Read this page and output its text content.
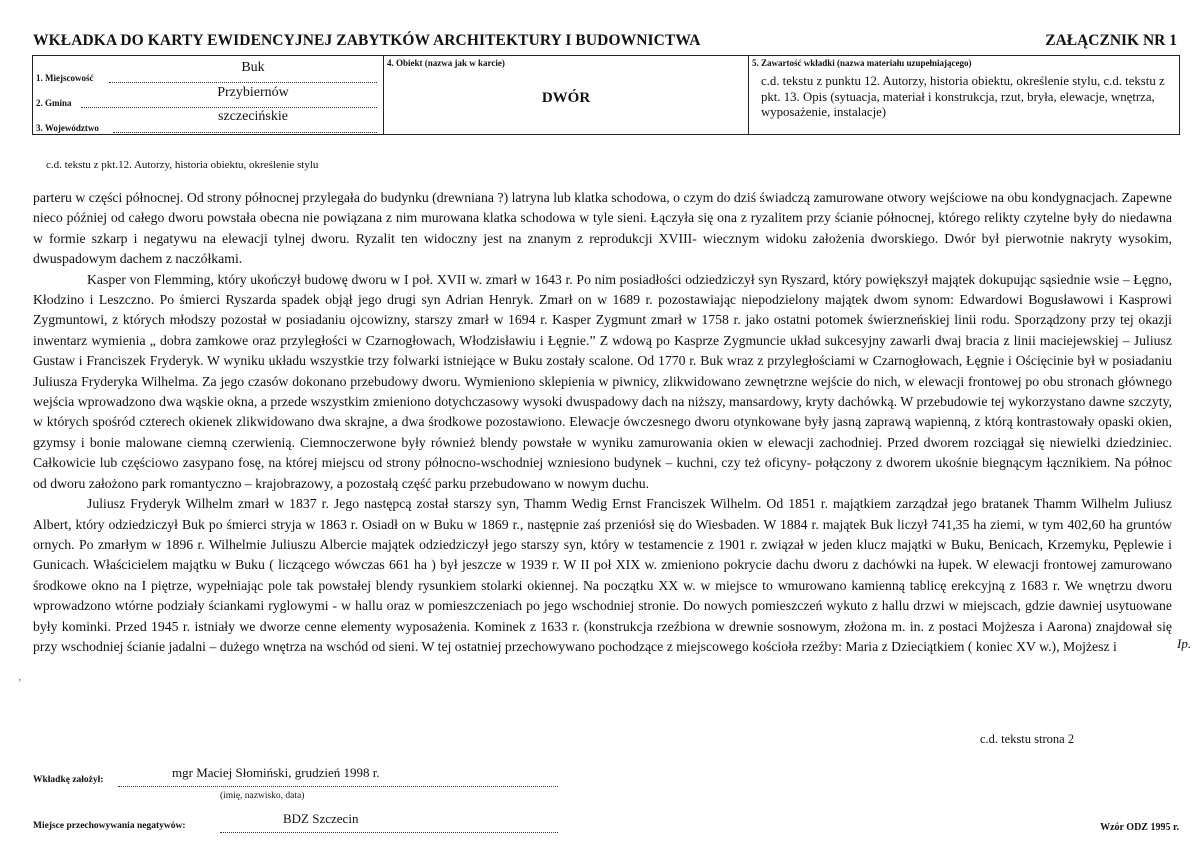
WKŁADKA DO KARTY EWIDENCYJNEJ ZABYTKÓW ARCHITEKTURY I BUDOWNICTWA	ZAŁĄCZNIK NR 1
Buk
1. Miejscowość
Przybiernów
2. Gmina
szczecińskie
3. Województwo
4. Obiekt (nazwa jak w karcie)
DWÓR
5. Zawartość wkładki (nazwa materiału uzupełniającego)
c.d. tekstu z punktu 12. Autorzy, historia obiektu, określenie stylu, c.d. tekstu z pkt. 13. Opis (sytuacja, materiał i konstrukcja, rzut, bryła, elewacje, wnętrza, wyposażenie, instalacje)
c.d. tekstu z pkt.12. Autorzy, historia obiektu, określenie stylu

parteru w części północnej. Od strony północnej przylegała do budynku (drewniana ?) latryna lub klatka schodowa, o czym do dziś świadczą zamurowane otwory wejściowe na obu kondygnacjach. Zapewne nieco później od całego dworu powstała obecna nie powiązana z nim murowana klatka schodowa w tyle sieni. Łączyła się ona z ryzalitem przy ścianie północnej, którego relikty czytelne były do niedawna w formie szkarp i negatywu na elewacji tylnej dworu. Ryzalit ten widoczny jest na znanym z reprodukcji XVIII- wiecznym widoku założenia dworskiego. Dwór był pierwotnie nakryty wysokim, dwuspadowym dachem z naczółkami.

Kasper von Flemming, który ukończył budowę dworu w I poł. XVII w. zmarł w 1643 r. Po nim posiadłości odziedziczył syn Ryszard, który powiększył majątek dokupując sąsiednie wsie – Łęgno, Kłodzino i Leszczno. Po śmierci Ryszarda spadek objął jego drugi syn Adrian Henryk. Zmarł on w 1689 r. pozostawiając niepodzielony majątek dwom synom: Edwardowi Bogusławowi i Kasprowi Zygmuntowi, z których młodszy pozostał w posiadaniu ojcowizny, starszy zmarł w 1694 r. Kasper Zygmunt zmarł w 1758 r. jako ostatni potomek świerzneńskiej linii rodu. Sporządzony przy tej okazji inwentarz wymienia „ dobra zamkowe oraz przyległości w Czarnogłowach, Włodzisławiu i Łęgnie.” Z wdową po Kasprze Zygmuncie układ sukcesyjny zawarli dwaj bracia z linii maciejewskiej – Juliusz Gustaw i Franciszek Fryderyk. W wyniku układu wszystkie trzy folwarki istniejące w Buku zostały scalone. Od 1770 r. Buk wraz z przyległościami w Czarnogłowach, Łęgnie i Ościęcinie był w posiadaniu Juliusza Fryderyka Wilhelma. Za jego czasów dokonano przebudowy dworu. Wymieniono sklepienia w piwnicy, zlikwidowano zewnętrzne wejście do nich, w elewacji frontowej po obu stronach głównego wejścia wprowadzono dwa wąskie okna, a przede wszystkim zmieniono dotychczasowy wysoki dwuspadowy dach na niższy, mansardowy, kryty dachówką. W przebudowie tej wykorzystano dawne szczyty, w których spośród czterech okienek zlikwidowano dwa skrajne, a dwa środkowe pozostawiono. Elewacje ówczesnego dworu otynkowane były jasną zaprawą wapienną, z którą kontrastowały opaski okien, gzymsy i bonie malowane ciemną czerwienią. Ciemnoczerwone były również blendy powstałe w wyniku zamurowania okien w elewacji zachodniej. Przed dworem rozciągał się niewielki dziedziniec. Całkowicie lub częściowo zasypano fosę, na której miejscu od strony północno-wschodniej wzniesiono budynek – kuchni, czy też oficyny- połączony z dworem ukośnie biegnącym łącznikiem. Na północ od dworu założono park romantyczno – krajobrazowy, a pozostałą część parku przebudowano w nowym duchu.

Juliusz Fryderyk Wilhelm zmarł w 1837 r. Jego następcą został starszy syn, Thamm Wedig Ernst Franciszek Wilhelm. Od 1851 r. majątkiem zarządzał jego bratanek Thamm Wilhelm Juliusz Albert, który odziedziczył Buk po śmierci stryja w 1863 r. Osiadł on w Buku w 1869 r., następnie zaś przeniósł się do Wiesbaden. W 1884 r. majątek Buk liczył 741,35 ha ziemi, w tym 402,60 ha gruntów ornych. Po zmarłym w 1896 r. Wilhelmie Juliuszu Albercie majątek odziedziczył jego starszy syn, który w testamencie z 1901 r. związał w jeden klucz majątki w Buku, Benicach, Krzemyku, Pęplewie i Gunicach. Właścicielem majątku w Buku ( liczącego wówczas 661 ha ) był jeszcze w 1939 r. W II poł XIX w. zmieniono pokrycie dachu dworu z dachówki na łupek. W elewacji frontowej zamurowano środkowe okno na I piętrze, wypełniając pole tak powstałej blendy rysunkiem stolarki okiennej. Na początku XX w. w miejsce to wmurowano kamienną tablicę erekcyjną z 1683 r. We wnętrzu dworu wprowadzono wtórne podziały ściankami ryglowymi - w hallu oraz w pomieszczeniach po jego wschodniej stronie. Do nowych pomieszczeń wykuto z hallu drzwi w miejscach, gdzie dawniej usytuowane były kominki. Przed 1945 r. istniały we dworze cenne elementy wyposażenia. Kominek z 1633 r. (konstrukcja rzeźbiona w drewnie sosnowym, złożona m. in. z postaci Mojżesza i Aarona) znajdował się przy wschodniej ścianie jadalni – dużego wnętrza na wschód od sieni. W tej ostatniej przechowywano pochodzące z miejscowego kościoła rzeźby: Maria z Dzieciątkiem ( koniec XV w.), Mojżesz i	Ip.
‚
c.d. tekstu strona 2
mgr Maciej Słomiński, grudzień 1998 r.
Wkładkę założył:
(imię, nazwisko, data)
BDZ Szczecin
Miejsce przechowywania negatywów:	Wzór ODZ 1995 r.
